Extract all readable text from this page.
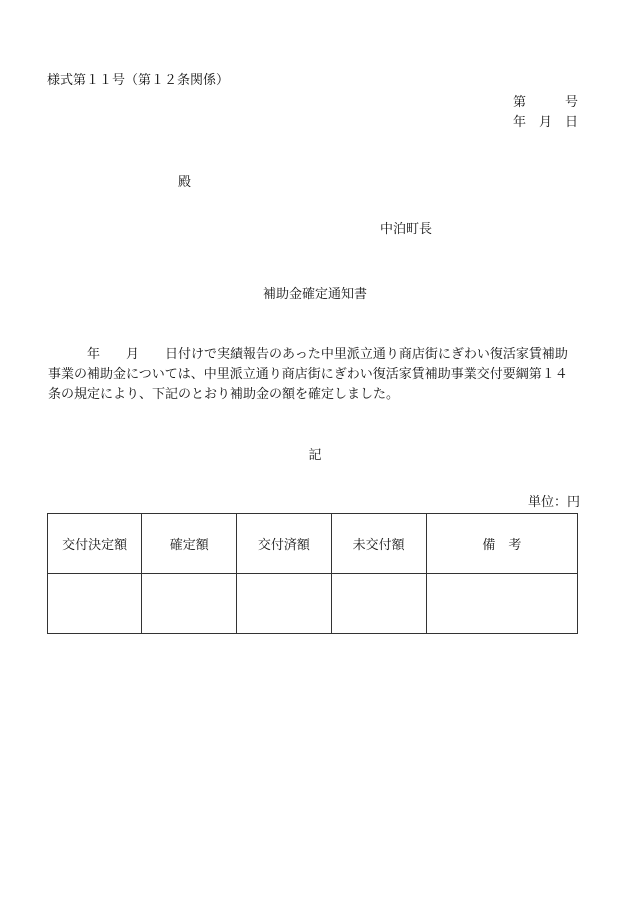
様式第１１号（第１２条関係）
第　　　号
年　月　日
殿
中泊町長
補助金確定通知書
　　　年　　月　　日付けで実績報告のあった中里派立通り商店街にぎわい復活家賃補助
事業の補助金については、中里派立通り商店街にぎわい復活家賃補助事業交付要綱第１４
条の規定により、下記のとおり補助金の額を確定しました。
記
単位：円
交付決定額	確定額	交付済額	未交付額	備　考
